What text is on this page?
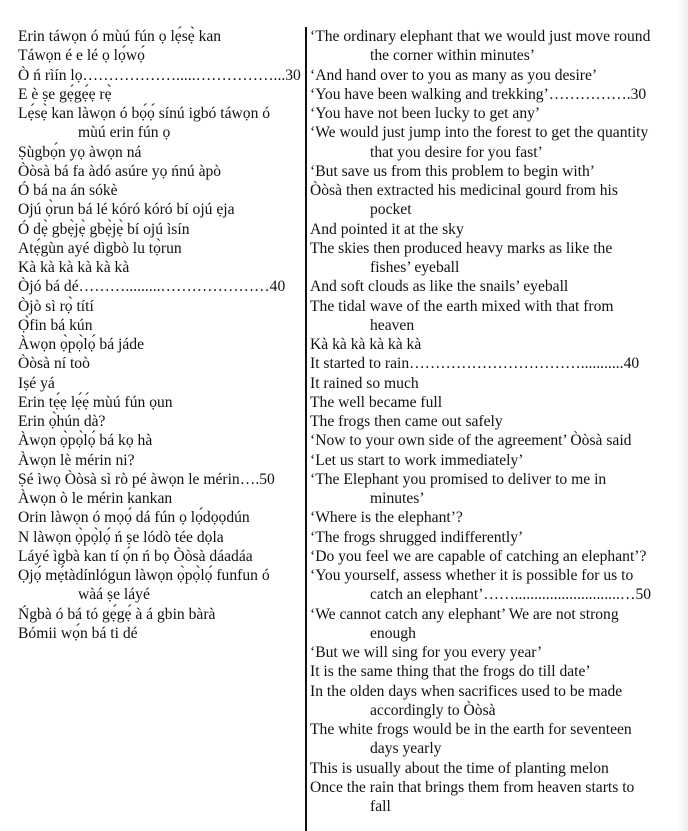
Erin táwọn ó mùú fún ọ lẹ́sẹ̀ kan
Táwọn é e lé ọ lọ́wọ́
Ò ń rìín lọ……………….....……………...30
E è ṣe gẹ́gẹ́ẹ rẹ̀
Lẹ́sẹ̀ kan làwọn ó bọ́ọ́ sínú igbó táwọn ó
mùú erin fún ọ
Ṣùgbọ́n yọ àwọn ná
Òòsà bá fa àdó asúre yọ ńnú àpò
Ó bá na án sókè
Ojú ọ̀run bá lé kóró kóró bí ojú ẹja
Ó dẹ̀ gbẹ̀jẹ̀ gbẹ̀jẹ̀ bí ojú ìsín
Atẹ́gùn ayé dìgbò lu tọ̀run
Kà kà kà kà kà kà
Òjó bá dé……….........…………………40
Òjò sì rọ̀ títí
Ọ̀fin bá kún
Àwọn ọ̀pọ̀lọ́ bá jáde
Òòsà ní toò
Iṣé yá
Erin tẹ́ẹ lẹ́ẹ́ mùú fún ọun
Erin ọ̀hún dà?
Àwọn ọ̀pọ̀lọ́ bá kọ hà
Àwọn lè mérin ni?
Ṣé ìwọ Òòsà sì rò pé àwọn le mérin….50
Àwọn ò le mérin kankan
Orin làwọn ó mọọ́ dá fún ọ lọ́dọọdún
N làwọn ọ̀pọ̀lọ́ ń ṣe lódò tée dọla
Láyé ìgbà kan tí ọ́n ń bọ Òòsà dáadáa
Ọjọ́ mẹ́tàdínlógun làwọn ọ̀pọ̀lọ́ funfun ó
wàá ṣe láyé
Ńgbà ó bá tó gẹ́gẹ́ à á gbin bàrà
Bómii wọ́n bá ti dé
‘The ordinary elephant that we would just move round
the corner within minutes’
‘And hand over to you as many as you desire’
‘You have been walking and trekking’…………….30
‘You have not been lucky to get any’
‘We would just jump into the forest to get the quantity
that you desire for you fast’
‘But save us from this problem to begin with’
Òòsà then extracted his medicinal gourd from his
pocket
And pointed it at the sky
The skies then produced heavy marks as like the
fishes’ eyeball
And soft clouds as like the snails’ eyeball
The tidal wave of the earth mixed with that from
heaven
Kà kà kà kà kà kà
It started to rain……………………………...........40
It rained so much
The well became full
The frogs then came out safely
‘Now to your own side of the agreement’ Òòsà said
‘Let us start to work immediately’
‘The Elephant you promised to deliver to me in
minutes’
‘Where is the elephant’?
‘The frogs shrugged indifferently’
‘Do you feel we are capable of catching an elephant’?
‘You yourself, assess whether it is possible for us to
catch an elephant’……...........................…50
‘We cannot catch any elephant’ We are not strong
enough
‘But we will sing for you every year’
It is the same thing that the frogs do till date’
In the olden days when sacrifices used to be made
accordingly to Òòsà
The white frogs would be in the earth for seventeen
days yearly
This is usually about the time of planting melon
Once the rain that brings them from heaven starts to
fall
